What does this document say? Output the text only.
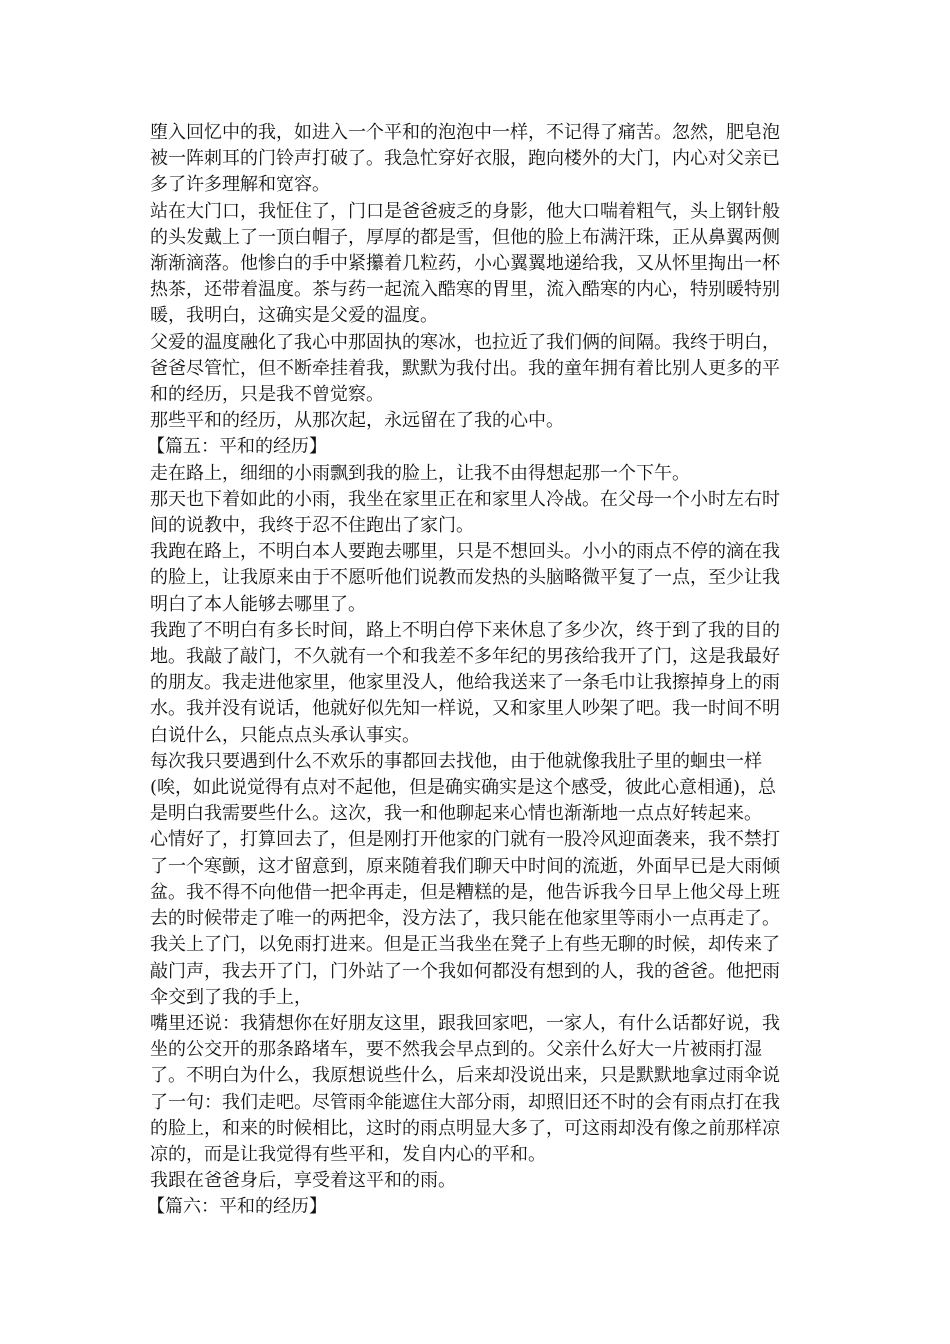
堕入回忆中的我，如进入一个平和的泡泡中一样，不记得了痛苦。忽然，肥皂泡被一阵刺耳的门铃声打破了。我急忙穿好衣服，跑向楼外的大门，内心对父亲已多了许多理解和宽容。

站在大门口，我怔住了，门口是爸爸疲乏的身影，他大口喘着粗气，头上钢针般的头发戴上了一顶白帽子，厚厚的都是雪，但他的脸上布满汗珠，正从鼻翼两侧渐渐滴落。他惨白的手中紧攥着几粒药，小心翼翼地递给我，又从怀里掏出一杯热茶，还带着温度。茶与药一起流入酷寒的胃里，流入酷寒的内心，特别暖特别暖，我明白，这确实是父爱的温度。

父爱的温度融化了我心中那固执的寒冰，也拉近了我们俩的间隔。我终于明白，爸爸尽管忙，但不断牵挂着我，默默为我付出。我的童年拥有着比别人更多的平和的经历，只是我不曾觉察。

那些平和的经历，从那次起，永远留在了我的心中。

【篇五：平和的经历】

走在路上，细细的小雨飘到我的脸上，让我不由得想起那一个下午。

那天也下着如此的小雨，我坐在家里正在和家里人冷战。在父母一个小时左右时间的说教中，我终于忍不住跑出了家门。

我跑在路上，不明白本人要跑去哪里，只是不想回头。小小的雨点不停的滴在我的脸上，让我原来由于不愿听他们说教而发热的头脑略微平复了一点，至少让我明白了本人能够去哪里了。

我跑了不明白有多长时间，路上不明白停下来休息了多少次，终于到了我的目的地。我敲了敲门，不久就有一个和我差不多年纪的男孩给我开了门，这是我最好的朋友。我走进他家里，他家里没人，他给我送来了一条毛巾让我擦掉身上的雨水。我并没有说话，他就好似先知一样说，又和家里人吵架了吧。我一时间不明白说什么，只能点点头承认事实。

每次我只要遇到什么不欢乐的事都回去找他，由于他就像我肚子里的蛔虫一样(唉，如此说觉得有点对不起他，但是确实确实是这个感受，彼此心意相通)，总是明白我需要些什么。这次，我一和他聊起来心情也渐渐地一点点好转起来。

心情好了，打算回去了，但是刚打开他家的门就有一股冷风迎面袭来，我不禁打了一个寒颤，这才留意到，原来随着我们聊天中时间的流逝，外面早已是大雨倾盆。我不得不向他借一把伞再走，但是糟糕的是，他告诉我今日早上他父母上班去的时候带走了唯一的两把伞，没方法了，我只能在他家里等雨小一点再走了。

我关上了门，以免雨打进来。但是正当我坐在凳子上有些无聊的时候，却传来了敲门声，我去开了门，门外站了一个我如何都没有想到的人，我的爸爸。他把雨伞交到了我的手上，

嘴里还说：我猜想你在好朋友这里，跟我回家吧，一家人，有什么话都好说，我坐的公交开的那条路堵车，要不然我会早点到的。父亲什么好大一片被雨打湿了。不明白为什么，我原想说些什么，后来却没说出来，只是默默地拿过雨伞说了一句：我们走吧。尽管雨伞能遮住大部分雨，却照旧还不时的会有雨点打在我的脸上，和来的时候相比，这时的雨点明显大多了，可这雨却没有像之前那样凉凉的，而是让我觉得有些平和，发自内心的平和。

我跟在爸爸身后，享受着这平和的雨。

【篇六：平和的经历】
